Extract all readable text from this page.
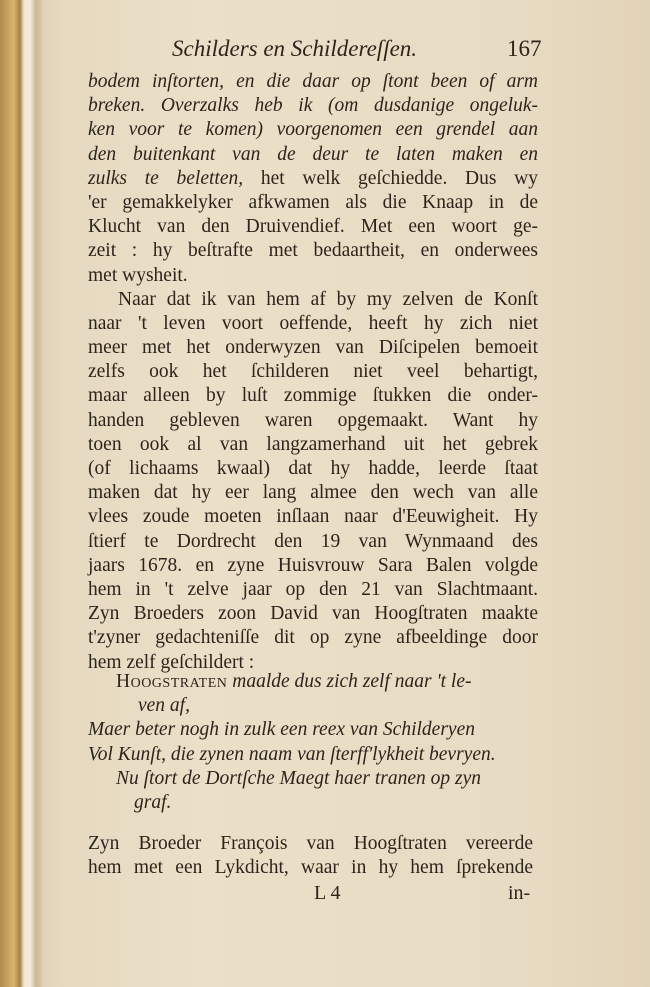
Schilders en Schildereſſen.	167
bodem inſtorten, en die daar op ſtont been of arm
breken. Overzalks heb ik (om dusdanige ongeluk-
ken voor te komen) voorgenomen een grendel aan
den buitenkant van de deur te laten maken en
zulks te beletten, het welk geſchiedde. Dus wy
'er gemakkelyker afkwamen als die Knaap in de
Klucht van den Druivendief. Met een woort ge-
zeit : hy beſtrafte met bedaartheit, en onderwees
met wysheit.
Naar dat ik van hem af by my zelven de Konſt
naar 't leven voort oeffende, heeft hy zich niet
meer met het onderwyzen van Diſcipelen bemoeit
zelfs ook het ſchilderen niet veel behartigt,
maar alleen by luſt zommige ſtukken die onder-
handen gebleven waren opgemaakt. Want hy
toen ook al van langzamerhand uit het gebrek
(of lichaams kwaal) dat hy hadde, leerde ſtaat
maken dat hy eer lang almee den wech van alle
vlees zoude moeten inſlaan naar d'Eeuwigheit. Hy
ſtierf te Dordrecht den 19 van Wynmaand des
jaars 1678. en zyne Huisvrouw Sara Balen volgde
hem in 't zelve jaar op den 21 van Slachtmaant.
Zyn Broeders zoon David van Hoogſtraten maakte
t'zyner gedachteniſſe dit op zyne afbeeldinge door
hem zelf geſchildert :
Hoogstraten maalde dus zich zelf naar 't le-
ven af,
Maer beter nogh in zulk een reex van Schilderyen
Vol Kunſt, die zynen naam van ſterff'lykheit bevryen.
Nu ſtort de Dortſche Maegt haer tranen op zyn
graf.
Zyn Broeder François van Hoogſtraten vereerde
hem met een Lykdicht, waar in hy hem ſprekende
L 4	in-
